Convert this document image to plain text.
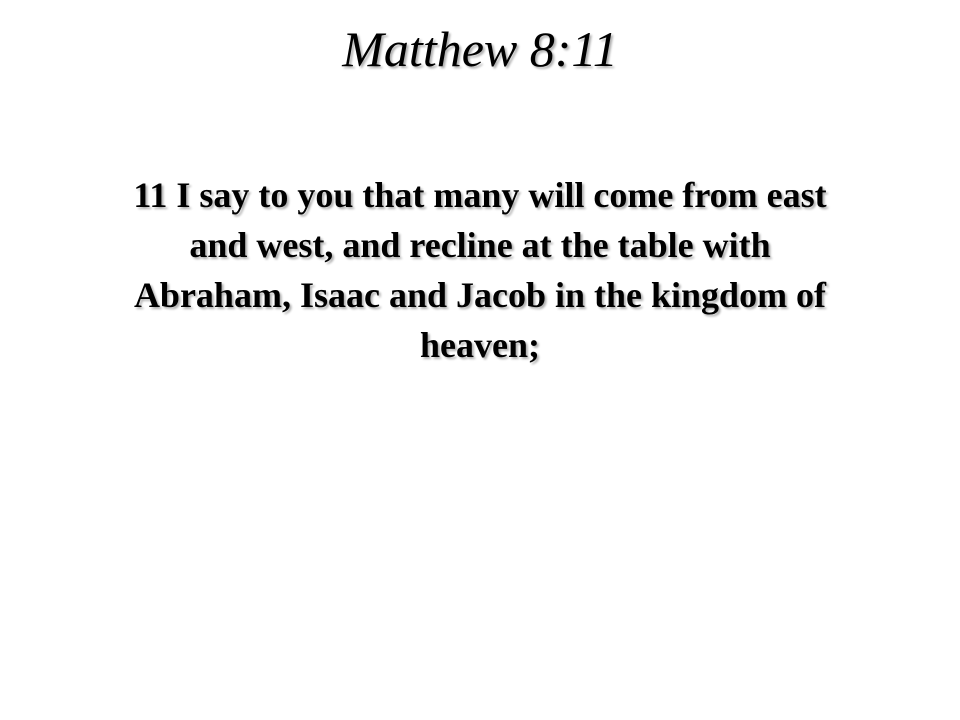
Matthew 8:11

11 I say to you that many will come from east
and west, and recline at the table with
Abraham, Isaac and Jacob in the kingdom of
heaven;
